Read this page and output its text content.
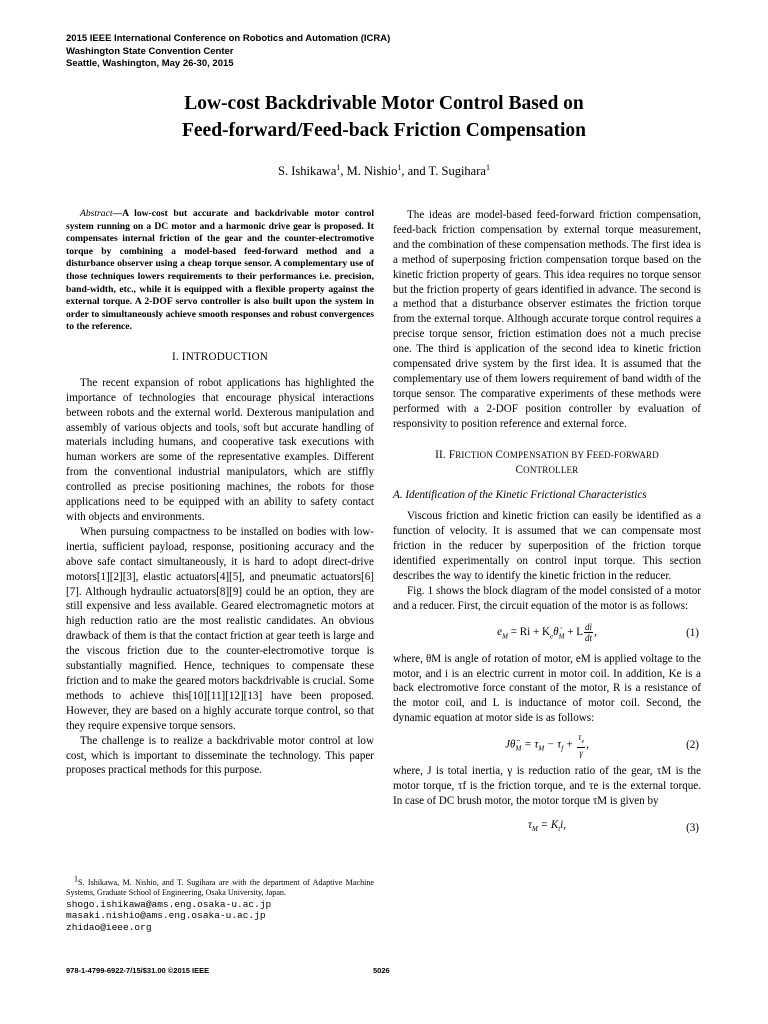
2015 IEEE International Conference on Robotics and Automation (ICRA)
Washington State Convention Center
Seattle, Washington, May 26-30, 2015
Low-cost Backdrivable Motor Control Based on
Feed-forward/Feed-back Friction Compensation
S. Ishikawa$^1$, M. Nishio$^1$, and T. Sugihara$^1$
Abstract—A low-cost but accurate and backdrivable motor control system running on a DC motor and a harmonic drive gear is proposed. It compensates internal friction of the gear and the counter-electromotive torque by combining a model-based feed-forward method and a disturbance observer using a cheap torque sensor. A complementary use of those techniques lowers requirements to their performances i.e. precision, band-width, etc., while it is equipped with a flexible property against the external torque. A 2-DOF servo controller is also built upon the system in order to simultaneously achieve smooth responses and robust convergences to the reference.
I. INTRODUCTION

The recent expansion of robot applications has highlighted the importance of technologies that encourage physical interactions between robots and the external world. Dexterous manipulation and assembly of various objects and tools, soft but accurate handling of materials including humans, and cooperative task executions with human workers are some of the representative examples. Different from the conventional industrial manipulators, which are stiffly controlled as precise positioning machines, the robots for those applications need to be equipped with an ability to safety contact with objects and environments.

When pursuing compactness to be installed on bodies with low-inertia, sufficient payload, response, positioning accuracy and the above safe contact simultaneously, it is hard to adopt direct-drive motors[1][2][3], elastic actuators[4][5], and pneumatic actuators[6][7]. Although hydraulic actuators[8][9] could be an option, they are still expensive and less available. Geared electromagnetic motors at high reduction ratio are the most realistic candidates. An obvious drawback of them is that the contact friction at gear teeth is large and the viscous friction due to the counter-electromotive torque is substantially magnified. Hence, techniques to compensate these friction and to make the geared motors backdrivable is crucial. Some methods to achieve this[10][11][12][13] have been proposed. However, they are based on a highly accurate torque control, so that they require expensive torque sensors.

The challenge is to realize a backdrivable motor control at low cost, which is important to disseminate the technology. This paper proposes practical methods for this purpose.

The ideas are model-based feed-forward friction compensation, feed-back friction compensation by external torque measurement, and the combination of these compensation methods. The first idea is a method of superposing friction compensation torque based on the kinetic friction property of gears. This idea requires no torque sensor but the friction property of gears identified in advance. The second is a method that a disturbance observer estimates the friction torque from the external torque. Although accurate torque control requires a precise torque sensor, friction estimation does not a much precise one. The third is application of the second idea to kinetic friction compensated drive system by the first idea. It is assumed that the complementary use of them lowers requirement of band width of the torque sensor. The comparative experiments of these methods were performed with a 2-DOF position controller by evaluation of responsivity to position reference and external force.

II. FRICTION COMPENSATION BY FEED-FORWARD
CONTROLLER
A. Identification of the Kinetic Frictional Characteristics

Viscous friction and kinetic friction can easily be identified as a function of velocity. It is assumed that we can compensate most friction in the reducer by superposition of the friction torque identified experimentally on control input torque. This section describes the way to identify the kinetic friction in the reducer.

Fig. 1 shows the block diagram of the model consisted of a motor and a reducer. First, the circuit equation of the motor is as follows:

$e_M = Ri$ + $K_e\thetȧ_M + L \frac{di}{dt}$ ,	(1)

where, θM is angle of rotation of motor, eM is applied voltage to the motor, and i is an electric current in motor coil. In addition, Ke is a back electromotive force constant of the motor, R is a resistance of the motor coil, and L is inductance of motor coil. Second, the dynamic equation at motor side is as follows:

$J\thetä_M = \tau_M - \tau_f + \frac{\tau_e}{\gamma}$ ,	(2)

where, J is total inertia, γ is reduction ratio of the gear, τM is the motor torque, τf is the friction torque, and τe is the external torque. In case of DC brush motor, the motor torque τM is given by

$\tau_M = K_ti$,	(3)
$^1$S. Ishikawa, M. Nishio, and T. Sugihara are with the department of Adaptive Machine Systems, Graduate School of Engineering, Osaka University, Japan.
shogo.ishikawa@ams.eng.osaka-u.ac.jp
masaki.nishio@ams.eng.osaka-u.ac.jp
zhidao@ieee.org
978-1-4799-6922-7/15/$31.00 ©2015 IEEE	5026
